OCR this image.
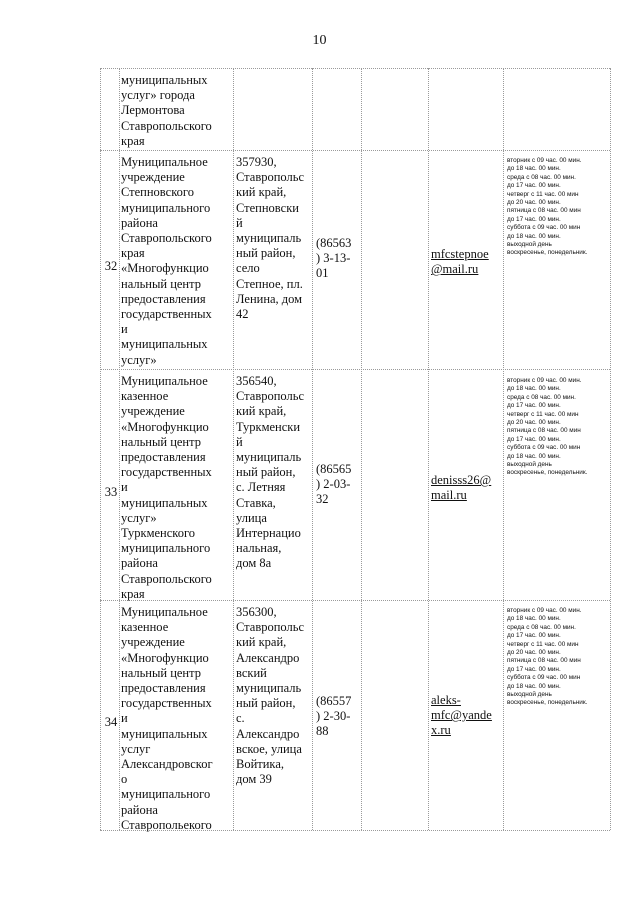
10
муниципальных
услуг» города
Лермонтова
Ставропольского
края
Муниципальное
учреждение
Степновского
муниципального
района
Ставропольского
края
«Многофункцио
нальный центр
предоставления
государственных
и
муниципальных
услуг»
357930,
Ставропольс
кий край,
Степновски
й
муниципаль
ный район,
село
Степное, пл.
Ленина, дом
42
32
(86563
) 3-13-
01
mfcstepnoe
@mail.ru
вторник с 09 час. 00 мин.
до 18 час. 00 мин.
среда с 08 час. 00 мин.
до 17 час. 00 мин.
четверг с 11 час. 00 мин
до 20 час. 00 мин.
пятница с 08 час. 00 мин
до 17 час. 00 мин.
суббота с 09 час. 00 мин
до 18 час. 00 мин.
выходной день
воскресенье, понедельник.
Муниципальное
казенное
учреждение
«Многофункцио
нальный центр
предоставления
государственных
и
муниципальных
услуг»
Туркменского
муниципального
района
Ставропольского
края
356540,
Ставропольс
кий край,
Туркменски
й
муниципаль
ный район,
с. Летняя
Ставка,
улица
Интернацио
нальная,
дом 8а
33
(86565
) 2-03-
32
denisss26@
mail.ru
вторник с 09 час. 00 мин.
до 18 час. 00 мин.
среда с 08 час. 00 мин.
до 17 час. 00 мин.
четверг с 11 час. 00 мин
до 20 час. 00 мин.
пятница с 08 час. 00 мин
до 17 час. 00 мин.
суббота с 09 час. 00 мин
до 18 час. 00 мин.
выходной день
воскресенье, понедельник.
Муниципальное
казенное
учреждение
«Многофункцио
нальный центр
предоставления
государственных
и
муниципальных
услуг
Александровског
о
муниципального
района
Ставропольекого
356300,
Ставропольс
кий край,
Александро
вский
муниципаль
ный район,
с.
Александро
вское, улица
Войтика,
дом 39
34
(86557
) 2-30-
88
aleks-
mfc@yande
x.ru
вторник с 09 час. 00 мин.
до 18 час. 00 мин.
среда с 08 час. 00 мин.
до 17 час. 00 мин.
четверг с 11 час. 00 мин
до 20 час. 00 мин.
пятница с 08 час. 00 мин
до 17 час. 00 мин.
суббота с 09 час. 00 мин
до 18 час. 00 мин.
выходной день
воскресенье, понедельник.
